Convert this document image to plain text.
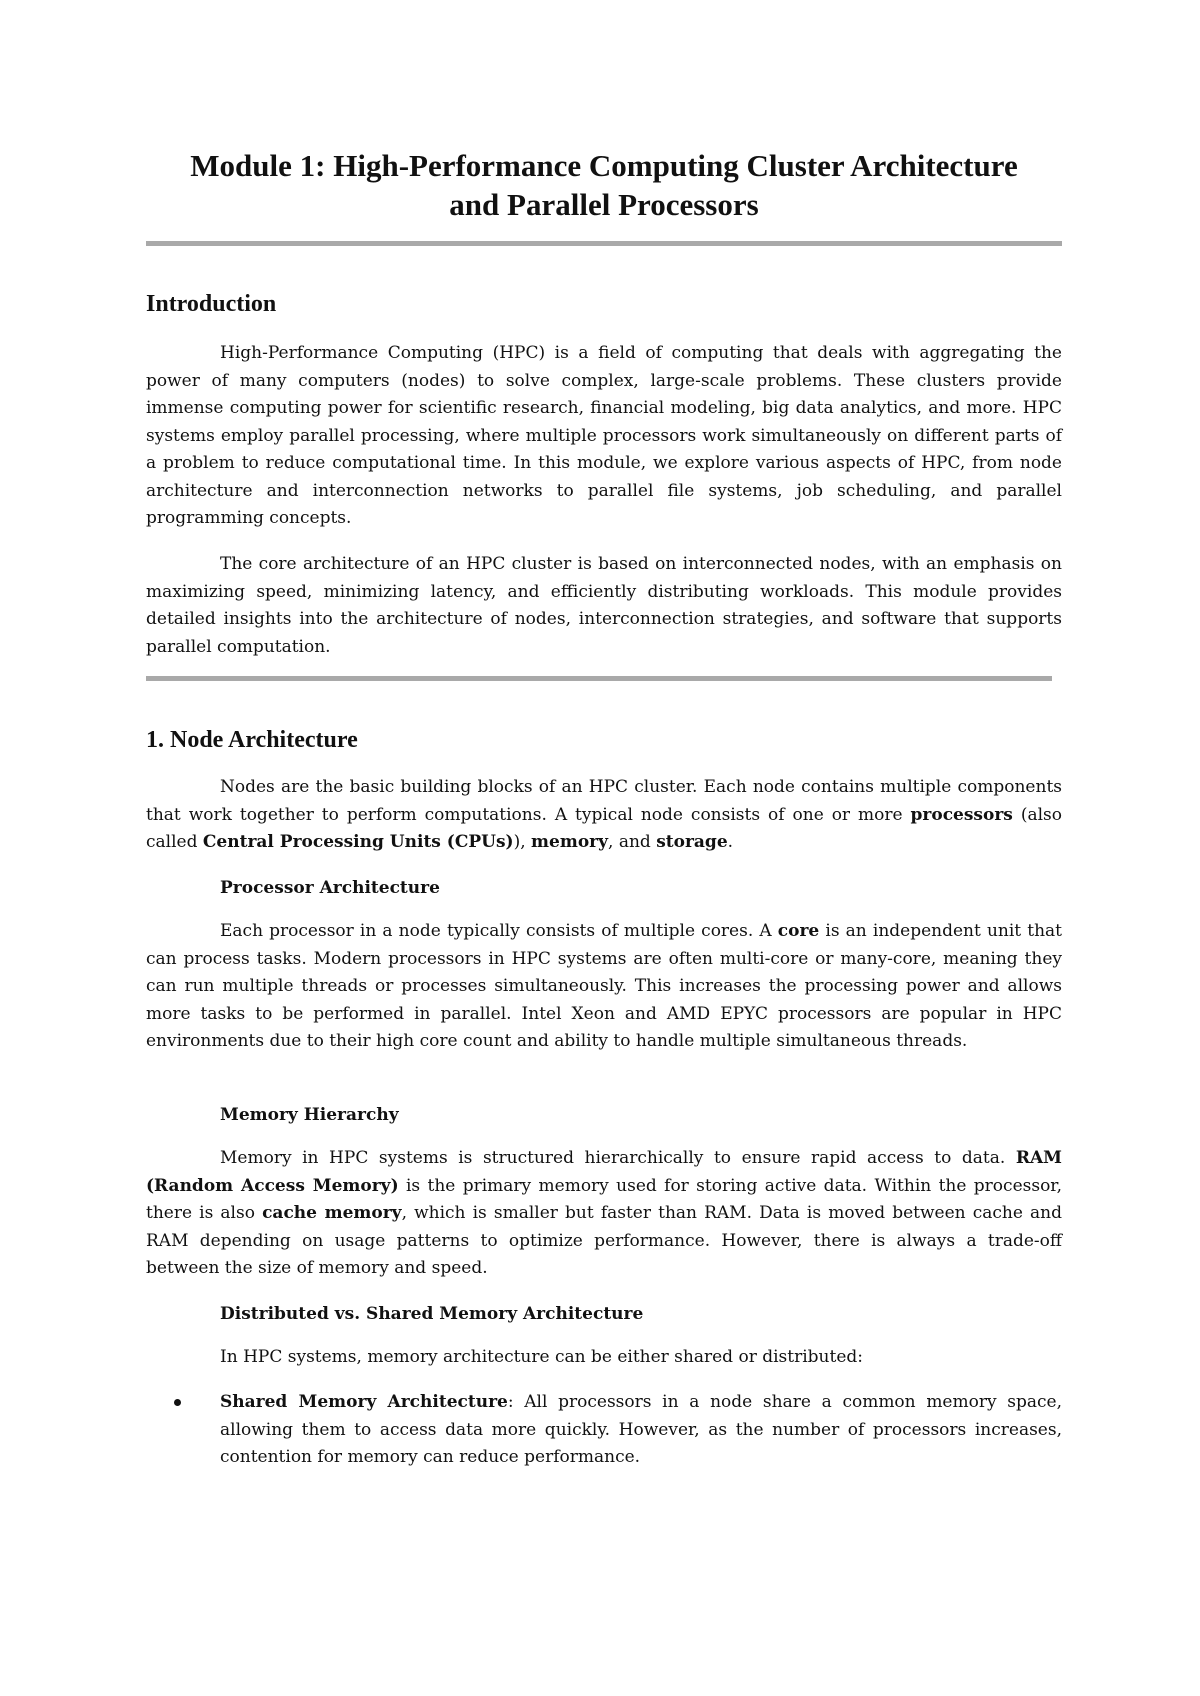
Module 1: High-Performance Computing Cluster Architecture
and Parallel Processors
Introduction

High-Performance Computing (HPC) is a field of computing that deals with aggregating the power of many computers (nodes) to solve complex, large-scale problems. These clusters provide immense computing power for scientific research, financial modeling, big data analytics, and more. HPC systems employ parallel processing, where multiple processors work simultaneously on different parts of a problem to reduce computational time. In this module, we explore various aspects of HPC, from node architecture and interconnection networks to parallel file systems, job scheduling, and parallel programming concepts.

The core architecture of an HPC cluster is based on interconnected nodes, with an emphasis on maximizing speed, minimizing latency, and efficiently distributing workloads. This module provides detailed insights into the architecture of nodes, interconnection strategies, and software that supports parallel computation.

1. Node Architecture

Nodes are the basic building blocks of an HPC cluster. Each node contains multiple components that work together to perform computations. A typical node consists of one or more processors (also called Central Processing Units (CPUs)), memory, and storage.

Processor Architecture

Each processor in a node typically consists of multiple cores. A core is an independent unit that can process tasks. Modern processors in HPC systems are often multi-core or many-core, meaning they can run multiple threads or processes simultaneously. This increases the processing power and allows more tasks to be performed in parallel. Intel Xeon and AMD EPYC processors are popular in HPC environments due to their high core count and ability to handle multiple simultaneous threads.

Memory Hierarchy

Memory in HPC systems is structured hierarchically to ensure rapid access to data. RAM (Random Access Memory) is the primary memory used for storing active data. Within the processor, there is also cache memory, which is smaller but faster than RAM. Data is moved between cache and RAM depending on usage patterns to optimize performance. However, there is always a trade-off between the size of memory and speed.

Distributed vs. Shared Memory Architecture

In HPC systems, memory architecture can be either shared or distributed:

Shared Memory Architecture: All processors in a node share a common memory space, allowing them to access data more quickly. However, as the number of processors increases, contention for memory can reduce performance.
